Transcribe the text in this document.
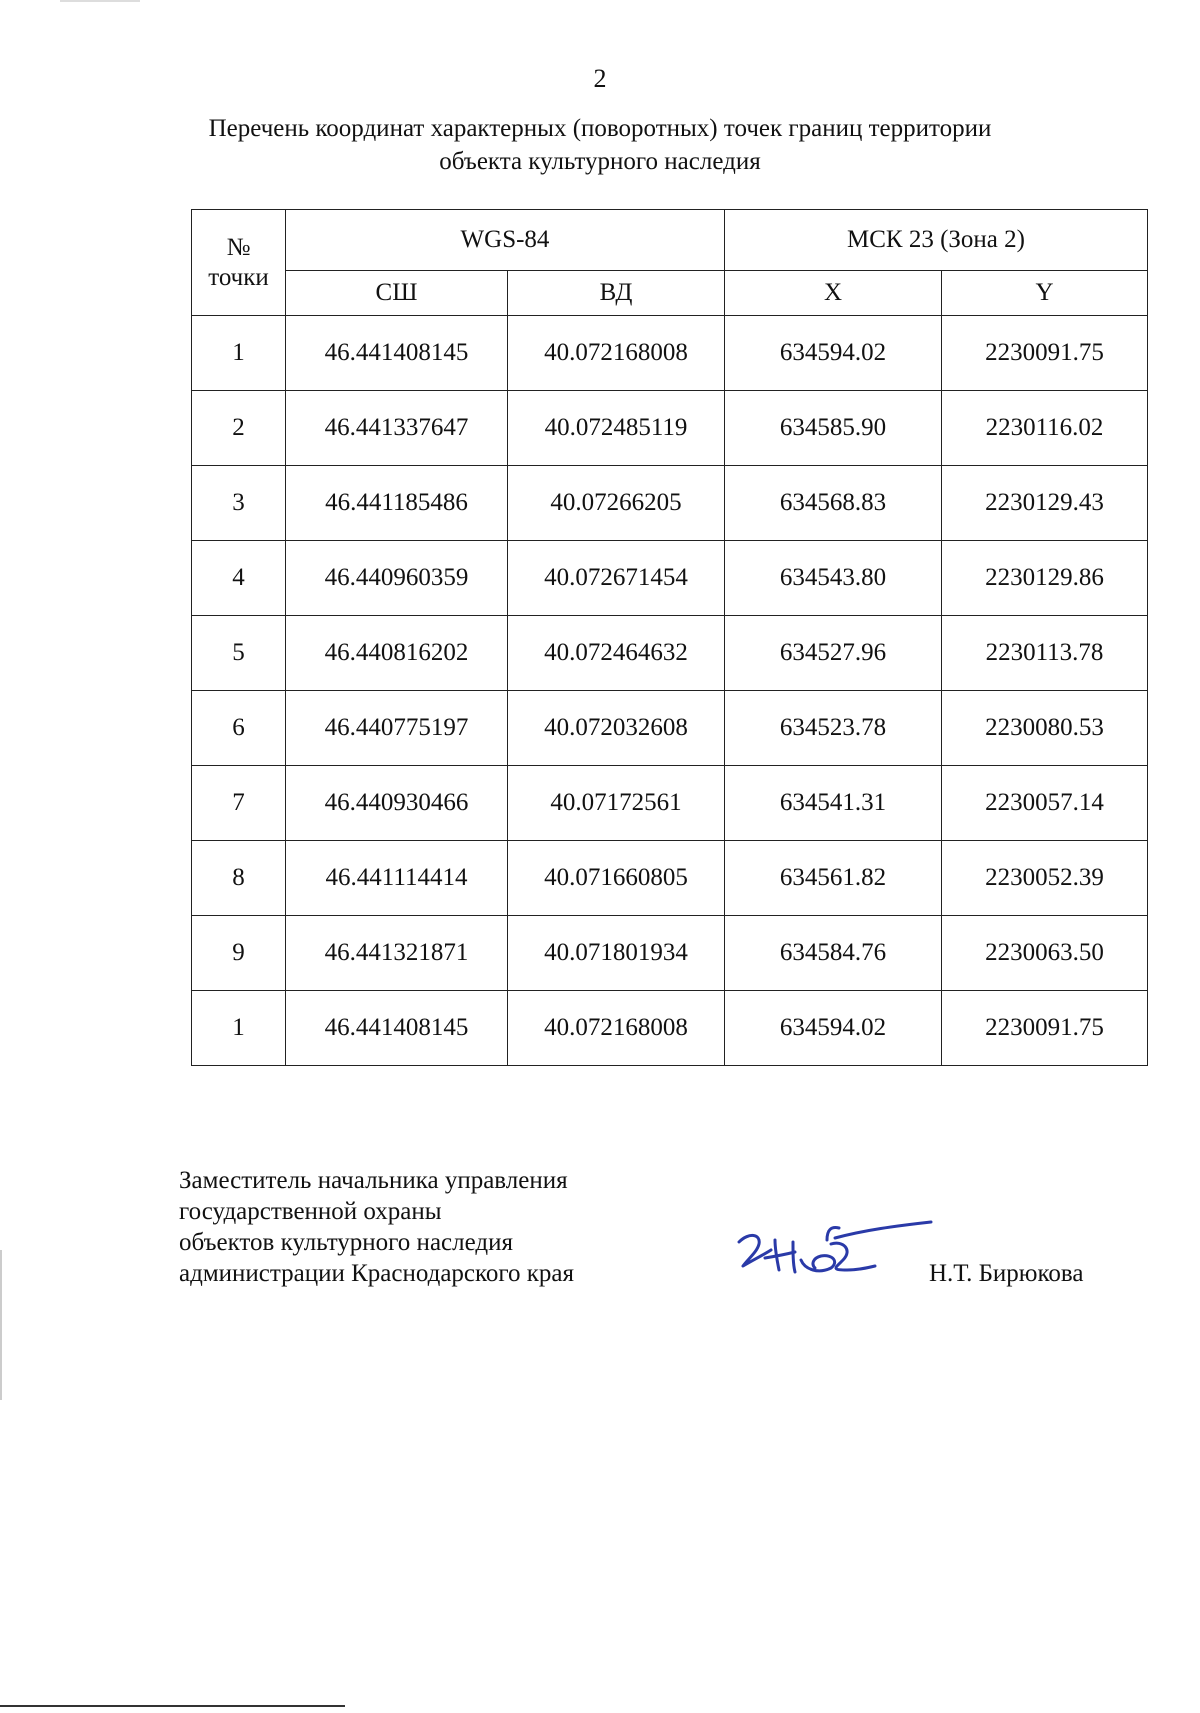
2
Перечень координат характерных (поворотных) точек границ территории
объекта культурного наследия
№
точки	WGS-84		МСК 23 (Зона 2)	
	СШ	ВД	X	Y
1	46.441408145	40.072168008	634594.02	2230091.75
2	46.441337647	40.072485119	634585.90	2230116.02
3	46.441185486	40.07266205	634568.83	2230129.43
4	46.440960359	40.072671454	634543.80	2230129.86
5	46.440816202	40.072464632	634527.96	2230113.78
6	46.440775197	40.072032608	634523.78	2230080.53
7	46.440930466	40.07172561	634541.31	2230057.14
8	46.441114414	40.071660805	634561.82	2230052.39
9	46.441321871	40.071801934	634584.76	2230063.50
1	46.441408145	40.072168008	634594.02	2230091.75
Заместитель начальника управления
государственной охраны
объектов культурного наследия
администрации Краснодарского края	Н.Т. Бирюкова
